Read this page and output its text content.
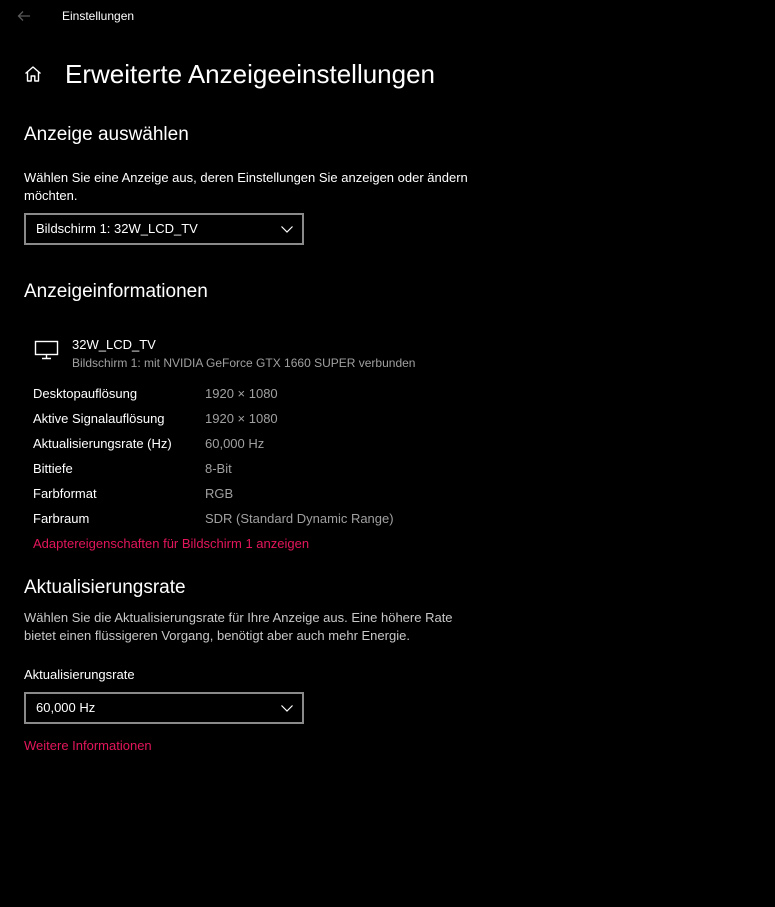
Einstellungen
Erweiterte Anzeigeeinstellungen
Anzeige auswählen
Wählen Sie eine Anzeige aus, deren Einstellungen Sie anzeigen oder ändern möchten.
Bildschirm 1: 32W_LCD_TV
Anzeigeinformationen
32W_LCD_TV
Bildschirm 1: mit NVIDIA GeForce GTX 1660 SUPER verbunden
Desktopauflösung	1920 × 1080
Aktive Signalauflösung	1920 × 1080
Aktualisierungsrate (Hz)	60,000 Hz
Bittiefe	8-Bit
Farbformat	RGB
Farbraum	SDR (Standard Dynamic Range)
Adaptereigenschaften für Bildschirm 1 anzeigen
Aktualisierungsrate
Wählen Sie die Aktualisierungsrate für Ihre Anzeige aus. Eine höhere Rate bietet einen flüssigeren Vorgang, benötigt aber auch mehr Energie.
Aktualisierungsrate
60,000 Hz
Weitere Informationen
